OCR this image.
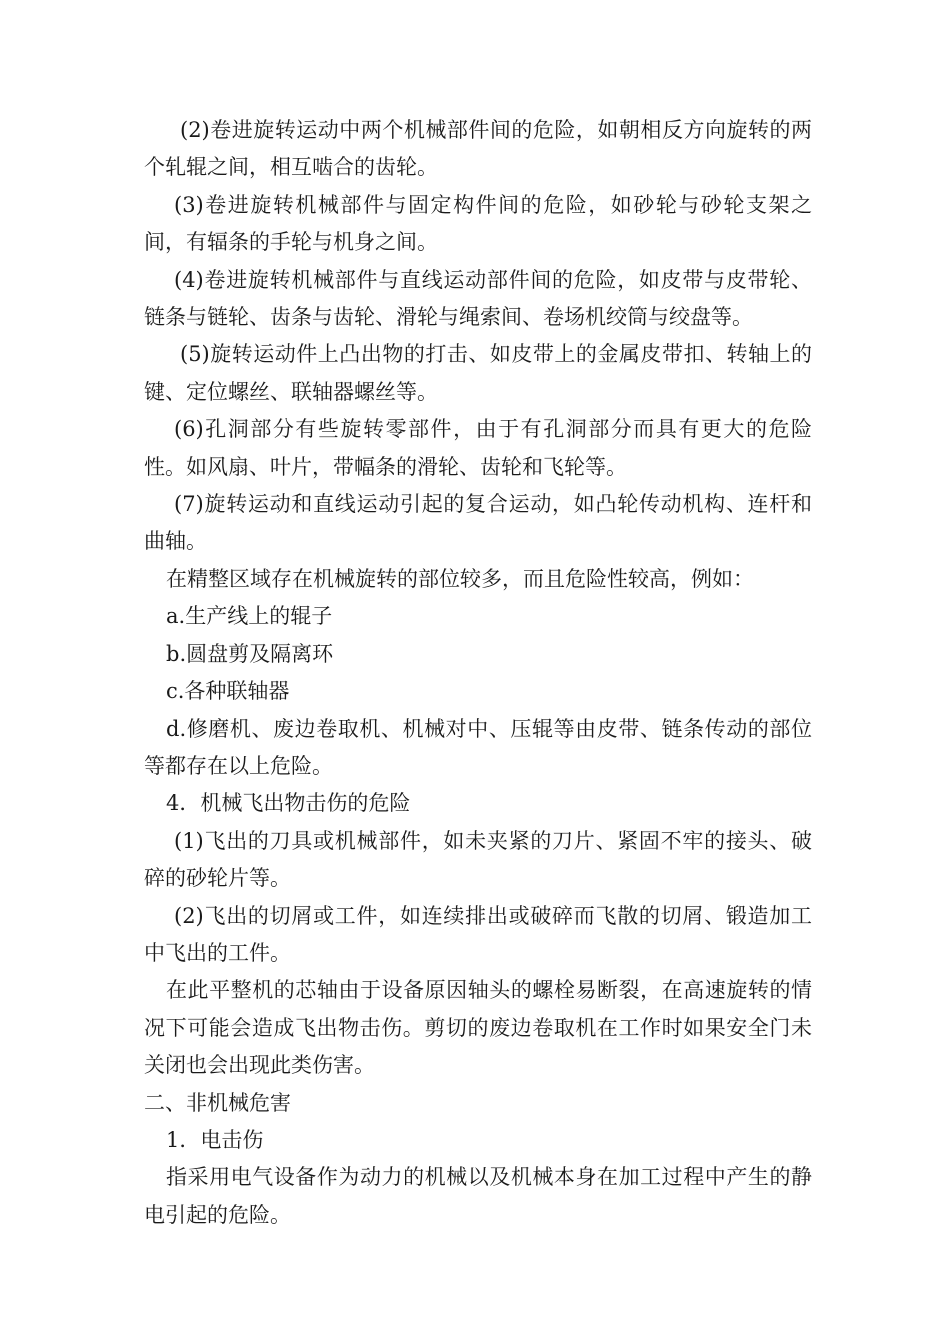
(2)卷进旋转运动中两个机械部件间的危险，如朝相反方向旋转的两个轧辊之间，相互啮合的齿轮。

(3)卷进旋转机械部件与固定构件间的危险，如砂轮与砂轮支架之间，有辐条的手轮与机身之间。

(4)卷进旋转机械部件与直线运动部件间的危险，如皮带与皮带轮、链条与链轮、齿条与齿轮、滑轮与绳索间、卷场机绞筒与绞盘等。

(5)旋转运动件上凸出物的打击、如皮带上的金属皮带扣、转轴上的键、定位螺丝、联轴器螺丝等。

(6)孔洞部分有些旋转零部件，由于有孔洞部分而具有更大的危险性。如风扇、叶片，带幅条的滑轮、齿轮和飞轮等。

(7)旋转运动和直线运动引起的复合运动，如凸轮传动机构、连杆和曲轴。

在精整区域存在机械旋转的部位较多，而且危险性较高，例如：

a.生产线上的辊子

b.圆盘剪及隔离环

c.各种联轴器

d.修磨机、废边卷取机、机械对中、压辊等由皮带、链条传动的部位等都存在以上危险。

4．机械飞出物击伤的危险

(1)飞出的刀具或机械部件，如未夹紧的刀片、紧固不牢的接头、破碎的砂轮片等。

(2)飞出的切屑或工件，如连续排出或破碎而飞散的切屑、锻造加工中飞出的工件。

在此平整机的芯轴由于设备原因轴头的螺栓易断裂，在高速旋转的情况下可能会造成飞出物击伤。剪切的废边卷取机在工作时如果安全门未关闭也会出现此类伤害。

二、非机械危害

1．电击伤

指采用电气设备作为动力的机械以及机械本身在加工过程中产生的静电引起的危险。
